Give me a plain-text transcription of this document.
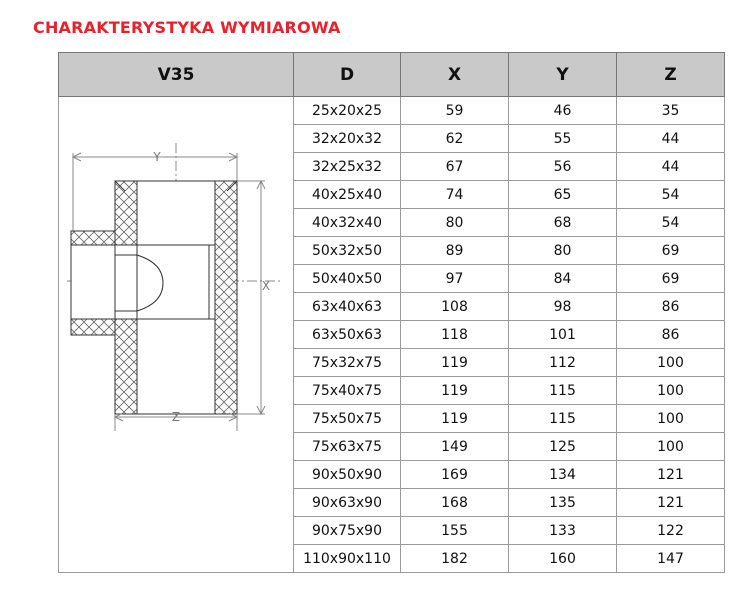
CHARAKTERYSTYKA WYMIAROWA
V35	D	X	Y	Z

Y
X
Z	25x20x25	59	46	35
	32x20x32	62	55	44
	32x25x32	67	56	44
	40x25x40	74	65	54
	40x32x40	80	68	54
	50x32x50	89	80	69
	50x40x50	97	84	69
	63x40x63	108	98	86
	63x50x63	118	101	86
	75x32x75	119	112	100
	75x40x75	119	115	100
	75x50x75	119	115	100
	75x63x75	149	125	100
	90x50x90	169	134	121
	90x63x90	168	135	121
	90x75x90	155	133	122
	110x90x110	182	160	147
